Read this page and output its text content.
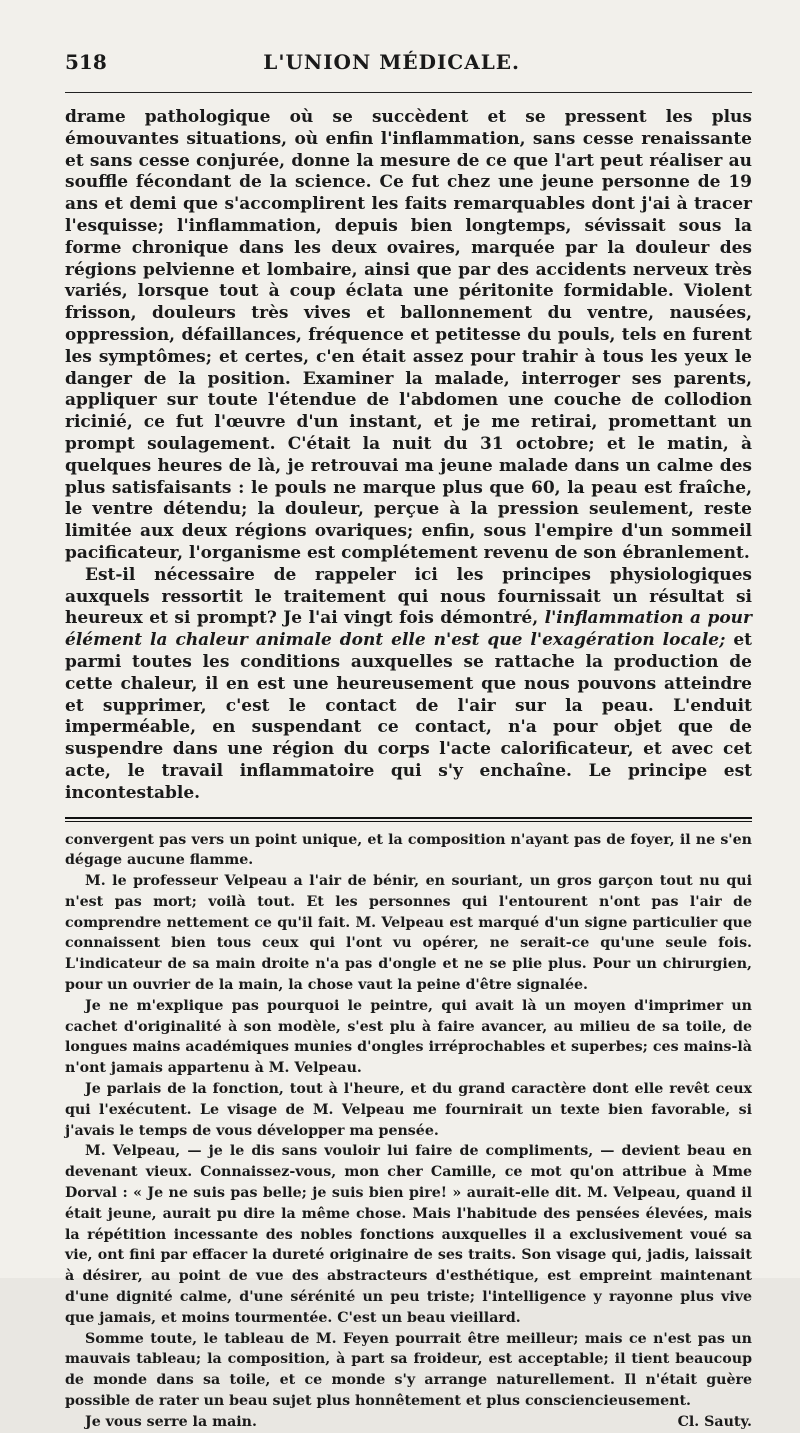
518	L'UNION MÉDICALE.

drame pathologique où se succèdent et se pressent les plus émouvantes situations, où enfin l'inflammation, sans cesse renaissante et sans cesse conjurée, donne la mesure de ce que l'art peut réaliser au souffle fécondant de la science. Ce fut chez une jeune personne de 19 ans et demi que s'accomplirent les faits remarquables dont j'ai à tracer l'esquisse; l'inflammation, depuis bien longtemps, sévissait sous la forme chronique dans les deux ovaires, marquée par la douleur des régions pelvienne et lombaire, ainsi que par des accidents nerveux très variés, lorsque tout à coup éclata une péritonite formidable. Violent frisson, douleurs très vives et ballonnement du ventre, nausées, oppression, défaillances, fréquence et petitesse du pouls, tels en furent les symptômes; et certes, c'en était assez pour trahir à tous les yeux le danger de la position. Examiner la malade, interroger ses parents, appliquer sur toute l'étendue de l'abdomen une couche de collodion ricinié, ce fut l'œuvre d'un instant, et je me retirai, promettant un prompt soulagement. C'était la nuit du 31 octobre; et le matin, à quelques heures de là, je retrouvai ma jeune malade dans un calme des plus satisfaisants : le pouls ne marque plus que 60, la peau est fraîche, le ventre détendu; la douleur, perçue à la pression seulement, reste limitée aux deux régions ovariques; enfin, sous l'empire d'un sommeil pacificateur, l'organisme est complétement revenu de son ébranlement.

Est-il nécessaire de rappeler ici les principes physiologiques auxquels ressortit le traitement qui nous fournissait un résultat si heureux et si prompt? Je l'ai vingt fois démontré, l'inflammation a pour élément la chaleur animale dont elle n'est que l'exagération locale; et parmi toutes les conditions auxquelles se rattache la production de cette chaleur, il en est une heureusement que nous pouvons atteindre et supprimer, c'est le contact de l'air sur la peau. L'enduit imperméable, en suspendant ce contact, n'a pour objet que de suspendre dans une région du corps l'acte calorificateur, et avec cet acte, le travail inflammatoire qui s'y enchaîne. Le principe est incontestable.

convergent pas vers un point unique, et la composition n'ayant pas de foyer, il ne s'en dégage aucune flamme.

M. le professeur Velpeau a l'air de bénir, en souriant, un gros garçon tout nu qui n'est pas mort; voilà tout. Et les personnes qui l'entourent n'ont pas l'air de comprendre nettement ce qu'il fait. M. Velpeau est marqué d'un signe particulier que connaissent bien tous ceux qui l'ont vu opérer, ne serait-ce qu'une seule fois. L'indicateur de sa main droite n'a pas d'ongle et ne se plie plus. Pour un chirurgien, pour un ouvrier de la main, la chose vaut la peine d'être signalée.

Je ne m'explique pas pourquoi le peintre, qui avait là un moyen d'imprimer un cachet d'originalité à son modèle, s'est plu à faire avancer, au milieu de sa toile, de longues mains académiques munies d'ongles irréprochables et superbes; ces mains-là n'ont jamais appartenu à M. Velpeau.

Je parlais de la fonction, tout à l'heure, et du grand caractère dont elle revêt ceux qui l'exécutent. Le visage de M. Velpeau me fournirait un texte bien favorable, si j'avais le temps de vous développer ma pensée.

M. Velpeau, — je le dis sans vouloir lui faire de compliments, — devient beau en devenant vieux. Connaissez-vous, mon cher Camille, ce mot qu'on attribue à Mme Dorval : « Je ne suis pas belle; je suis bien pire! » aurait-elle dit. M. Velpeau, quand il était jeune, aurait pu dire la même chose. Mais l'habitude des pensées élevées, mais la répétition incessante des nobles fonctions auxquelles il a exclusivement voué sa vie, ont fini par effacer la dureté originaire de ses traits. Son visage qui, jadis, laissait à désirer, au point de vue des abstracteurs d'esthétique, est empreint maintenant d'une dignité calme, d'une sérénité un peu triste; l'intelligence y rayonne plus vive que jamais, et moins tourmentée. C'est un beau vieillard.

Somme toute, le tableau de M. Feyen pourrait être meilleur; mais ce n'est pas un mauvais tableau; la composition, à part sa froideur, est acceptable; il tient beaucoup de monde dans sa toile, et ce monde s'y arrange naturellement. Il n'était guère possible de rater un beau sujet plus honnêtement et plus consciencieusement.

Je vous serre la main.	Cl. Sauty.
